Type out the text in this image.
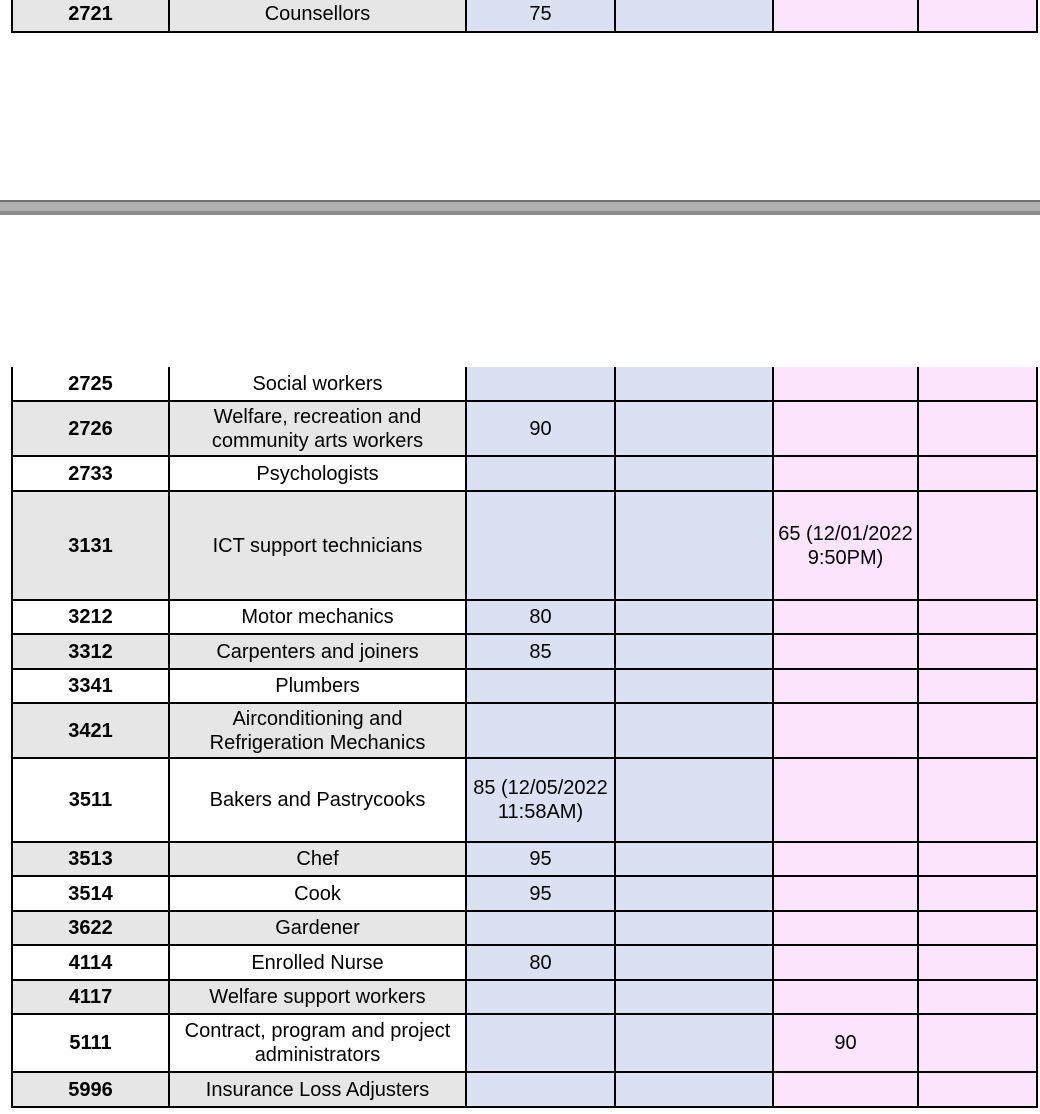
2721	Counsellors	75			
2725	Social workers				
2726	Welfare, recreation and community arts workers	90			
2733	Psychologists				
3131	ICT support technicians			65 (12/01/2022 9:50PM)	
3212	Motor mechanics	80			
3312	Carpenters and joiners	85			
3341	Plumbers				
3421	Airconditioning and Refrigeration Mechanics				
3511	Bakers and Pastrycooks	85 (12/05/2022 11:58AM)			
3513	Chef	95			
3514	Cook	95			
3622	Gardener				
4114	Enrolled Nurse	80			
4117	Welfare support workers				
5111	Contract, program and project administrators			90	
5996	Insurance Loss Adjusters				
